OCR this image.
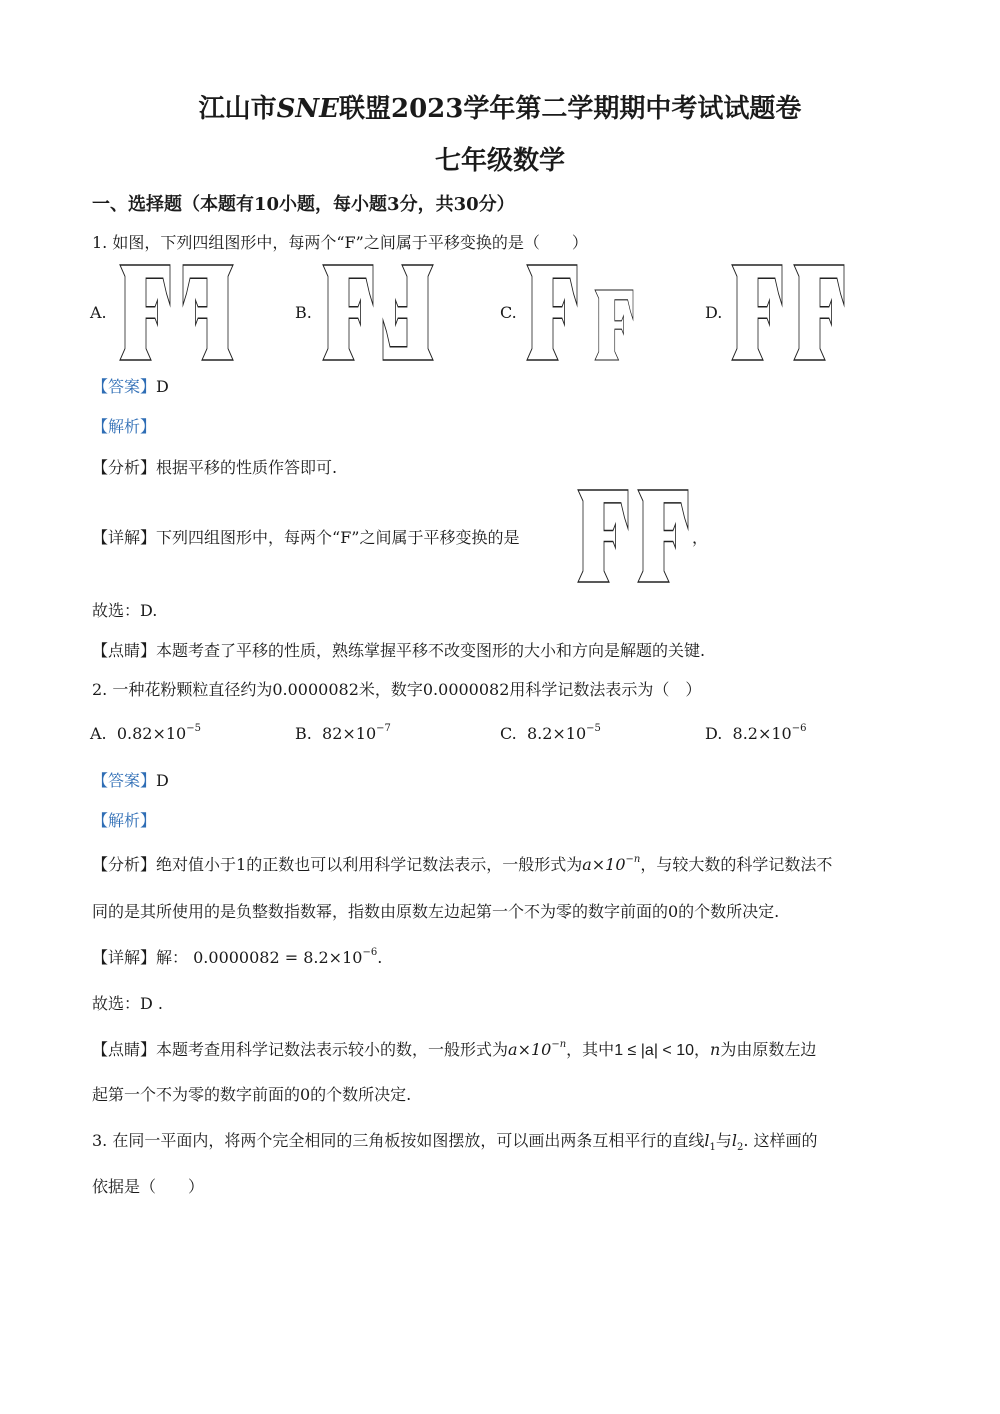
江山市SNE联盟2023学年第二学期期中考试试题卷
七年级数学
一、选择题（本题有10小题，每小题3分，共30分）
1. 如图，下列四组图形中，每两个“F”之间属于平移变换的是（　　）
A.	B.	C.	D.
【答案】D
【解析】
【分析】根据平移的性质作答即可.
【详解】下列四组图形中，每两个“F”之间属于平移变换的是	，
故选：D.
【点睛】本题考查了平移的性质，熟练掌握平移不改变图形的大小和方向是解题的关键.
2. 一种花粉颗粒直径约为0.0000082米，数字0.0000082用科学记数法表示为（　）
A. $0.82\times 10^{-5}$	B. $82\times 10^{-7}$	C. $8.2\times 10^{-5}$	D. $8.2\times 10^{-6}$
【答案】D
【解析】
【分析】绝对值小于1的正数也可以利用科学记数法表示，一般形式为$a\times 10^{-n}$，与较大数的科学记数法不
同的是其所使用的是负整数指数幂，指数由原数左边起第一个不为零的数字前面的0的个数所决定.
【详解】解： $0.0000082 = 8.2\times 10^{-6}$.
故选：D .
【点睛】本题考查用科学记数法表示较小的数，一般形式为$a\times 10^{-n}$，其中1 ≤ |a| < 10，n为由原数左边
起第一个不为零的数字前面的0的个数所决定.
3. 在同一平面内，将两个完全相同的三角板按如图摆放，可以画出两条互相平行的直线$l_1$与$l_2$. 这样画的
依据是（　　）
